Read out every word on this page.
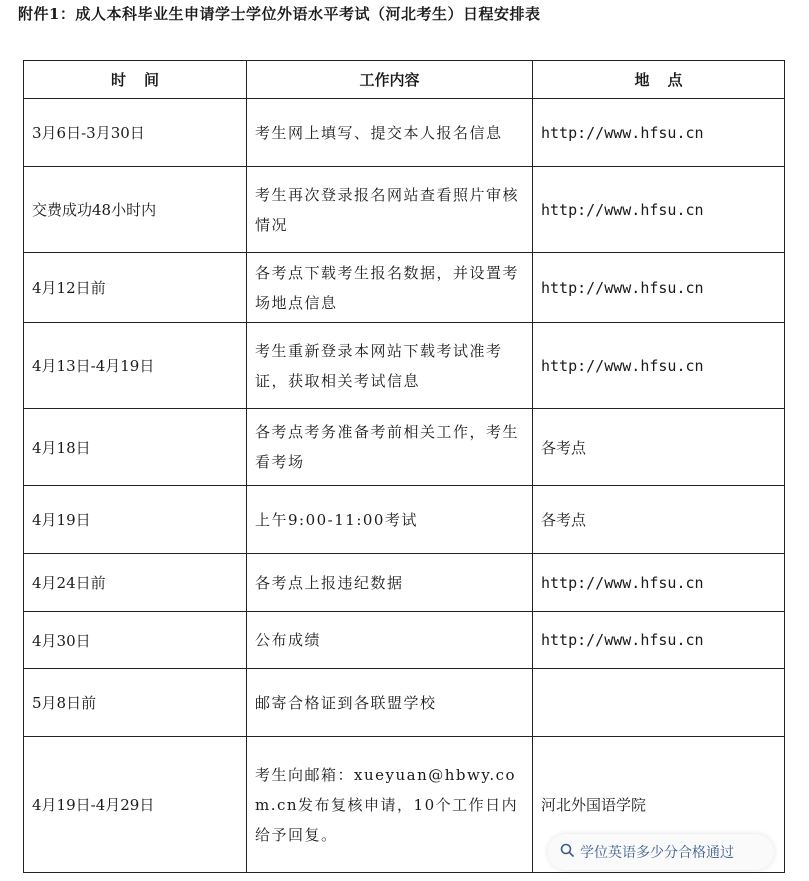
附件1：成人本科毕业生申请学士学位外语水平考试（河北考生）日程安排表
时间	工作内容	地点
3月6日-3月30日	考生网上填写、提交本人报名信息	http://www.hfsu.cn
交费成功48小时内	考生再次登录报名网站查看照片审核情况	http://www.hfsu.cn
4月12日前	各考点下载考生报名数据，并设置考场地点信息	http://www.hfsu.cn
4月13日-4月19日	考生重新登录本网站下载考试准考证，获取相关考试信息	http://www.hfsu.cn
4月18日	各考点考务准备考前相关工作，考生看考场	各考点
4月19日	上午9:00-11:00考试	各考点
4月24日前	各考点上报违纪数据	http://www.hfsu.cn
4月30日	公布成绩	http://www.hfsu.cn
5月8日前	邮寄合格证到各联盟学校	
4月19日-4月29日	考生向邮箱：xueyuan@hbwy.com.cn发布复核申请，10个工作日内给予回复。	河北外国语学院
学位英语多少分合格通过
